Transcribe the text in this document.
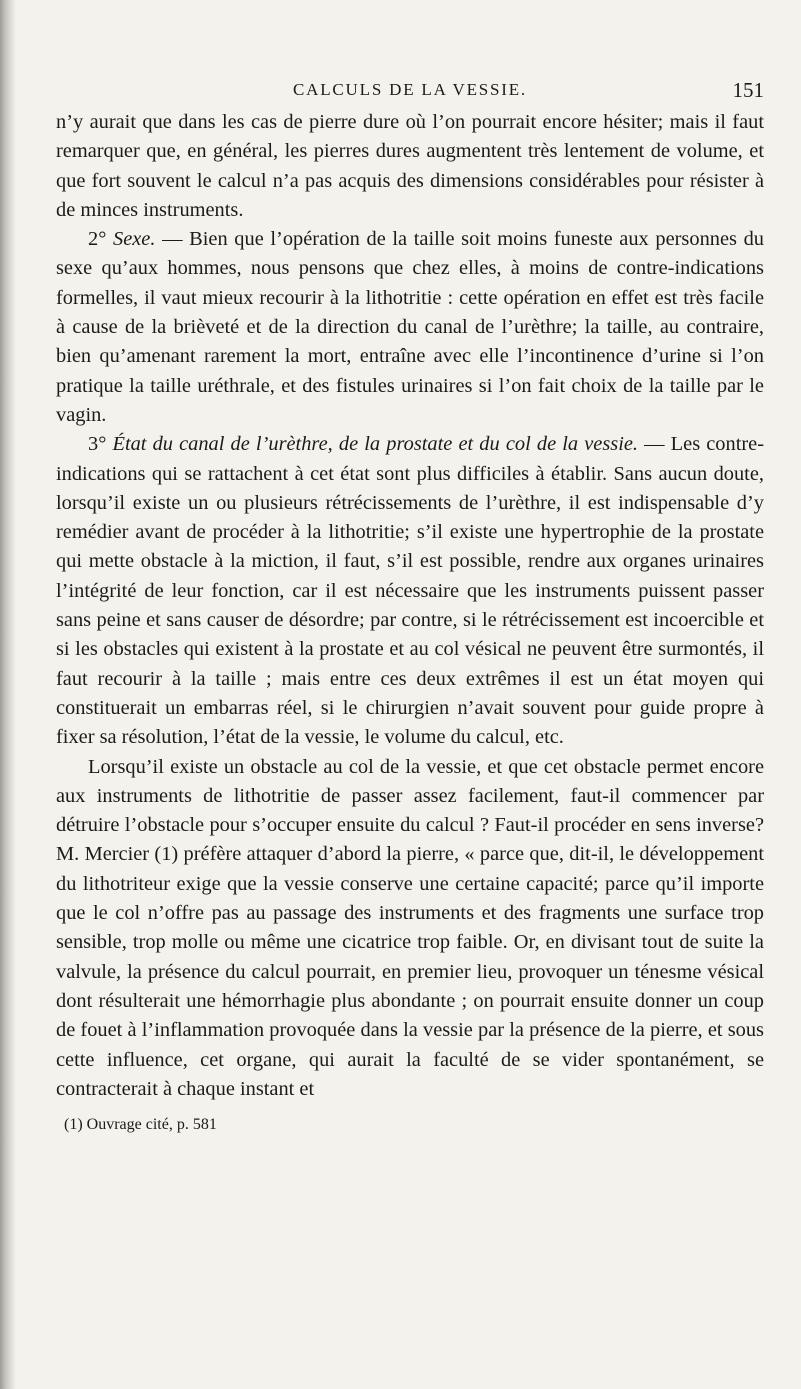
CALCULS DE LA VESSIE.	151

n’y aurait que dans les cas de pierre dure où l’on pourrait encore hésiter; mais il faut remarquer que, en général, les pierres dures augmentent très lentement de volume, et que fort souvent le calcul n’a pas acquis des dimensions considérables pour résister à de minces instruments.

2° Sexe. — Bien que l’opération de la taille soit moins funeste aux personnes du sexe qu’aux hommes, nous pensons que chez elles, à moins de contre-indications formelles, il vaut mieux recourir à la lithotritie : cette opération en effet est très facile à cause de la brièveté et de la direction du canal de l’urèthre; la taille, au contraire, bien qu’amenant rarement la mort, entraîne avec elle l’incontinence d’urine si l’on pratique la taille uréthrale, et des fistules urinaires si l’on fait choix de la taille par le vagin.

3° État du canal de l’urèthre, de la prostate et du col de la vessie. — Les contre-indications qui se rattachent à cet état sont plus difficiles à établir. Sans aucun doute, lorsqu’il existe un ou plusieurs rétrécissements de l’urèthre, il est indispensable d’y remédier avant de procéder à la lithotritie; s’il existe une hypertrophie de la prostate qui mette obstacle à la miction, il faut, s’il est possible, rendre aux organes urinaires l’intégrité de leur fonction, car il est nécessaire que les instruments puissent passer sans peine et sans causer de désordre; par contre, si le rétrécissement est incoercible et si les obstacles qui existent à la prostate et au col vésical ne peuvent être surmontés, il faut recourir à la taille ; mais entre ces deux extrêmes il est un état moyen qui constituerait un embarras réel, si le chirurgien n’avait souvent pour guide propre à fixer sa résolution, l’état de la vessie, le volume du calcul, etc.

Lorsqu’il existe un obstacle au col de la vessie, et que cet obstacle permet encore aux instruments de lithotritie de passer assez facilement, faut-il commencer par détruire l’obstacle pour s’occuper ensuite du calcul ? Faut-il procéder en sens inverse? M. Mercier (1) préfère attaquer d’abord la pierre, « parce que, dit-il, le développement du lithotriteur exige que la vessie conserve une certaine capacité; parce qu’il importe que le col n’offre pas au passage des instruments et des fragments une surface trop sensible, trop molle ou même une cicatrice trop faible. Or, en divisant tout de suite la valvule, la présence du calcul pourrait, en premier lieu, provoquer un ténesme vésical dont résulterait une hémorrhagie plus abondante ; on pourrait ensuite donner un coup de fouet à l’inflammation provoquée dans la vessie par la présence de la pierre, et sous cette influence, cet organe, qui aurait la faculté de se vider spontanément, se contracterait à chaque instant et

(1) Ouvrage cité, p. 581
